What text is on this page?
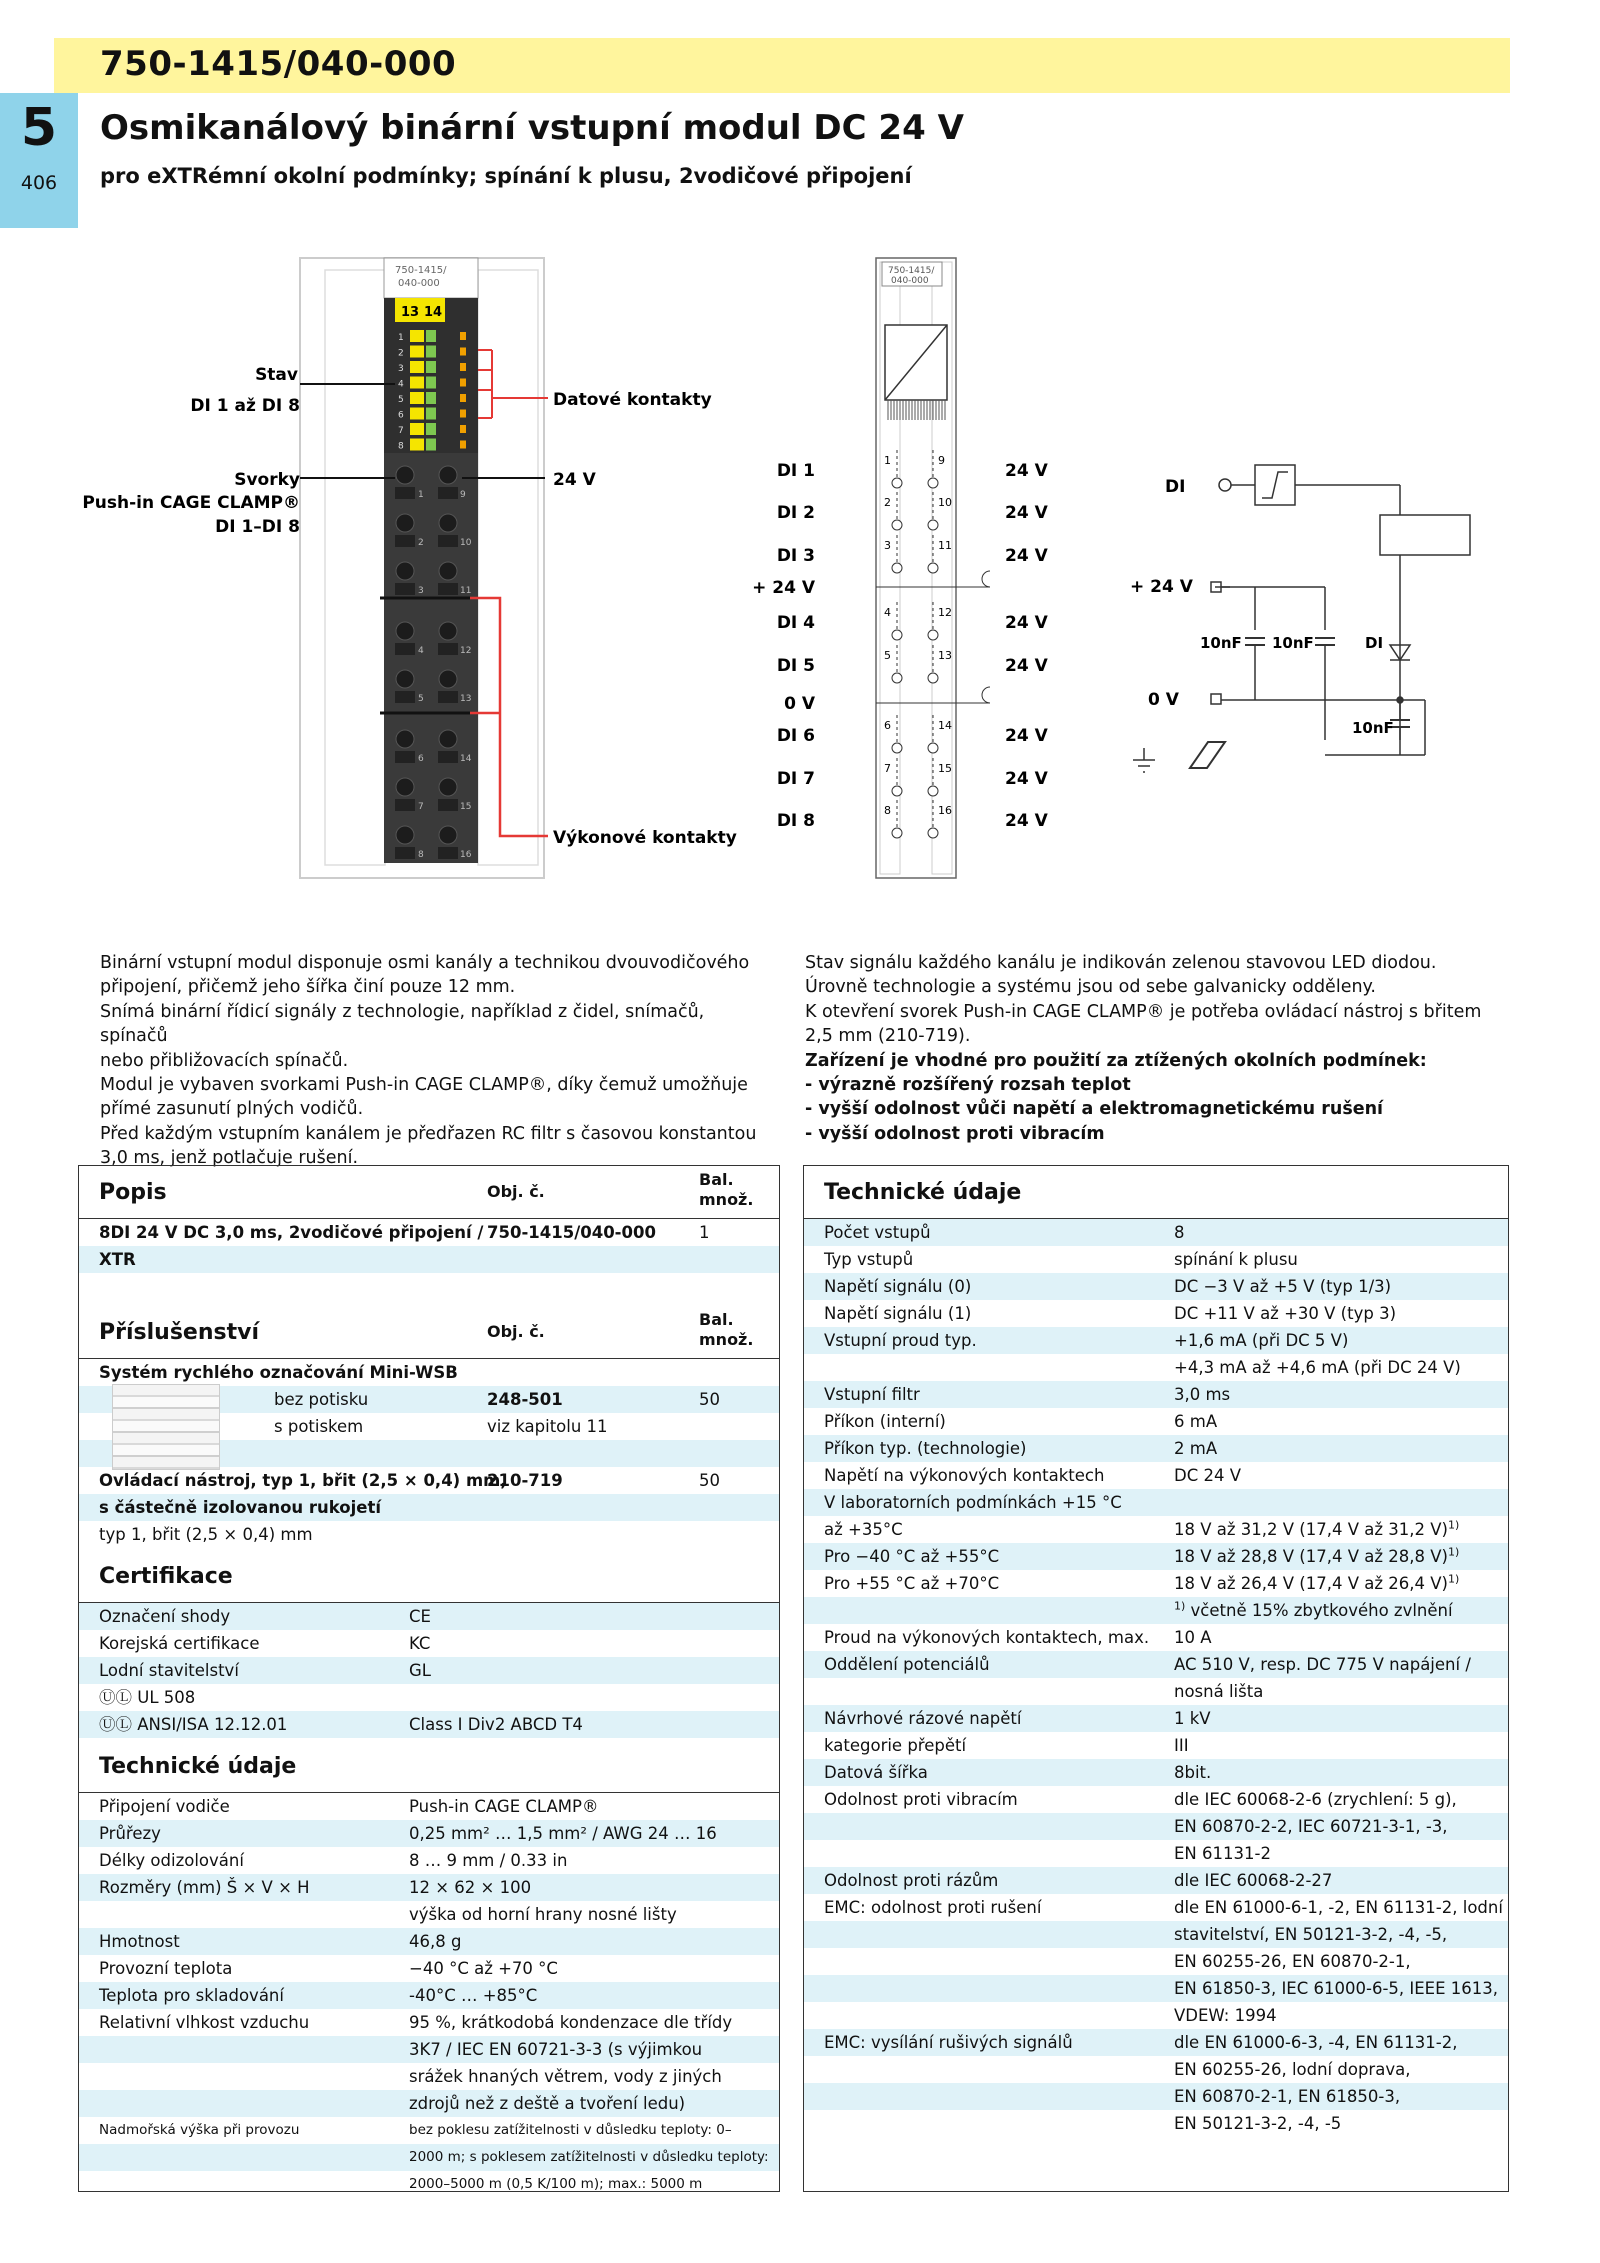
750-1415/040-000
5
406
Osmikanálový binární vstupní modul DC 24 V
pro eXTRémní okolní podmínky; spínání k plusu, 2vodičové připojení
750-1415/
040-000
13 14
1
2
3
4
5
6
7
8
1	9
2	10
3	11
4	12
5	13
6	14
7	15
8	16
Stav
DI 1 až DI 8	Datové kontakty
Svorky
Push-in CAGE CLAMP®
DI 1–DI 8
24 V
Výkonové kontakty
750-1415/
040-000
DI 1
DI 2
DI 3
+ 24 V
DI 4
DI 5
0 V
DI 6
DI 7
DI 8
24 V
1	9
24 V
2	10
24 V
3	11
24 V
4	12
24 V
5	13
24 V
6	14
24 V
7	15
24 V
8	16
DI
+ 24 V
0 V
10nF 10nF
10nF
DI
Binární vstupní modul disponuje osmi kanály a technikou dvouvodičového
připojení, přičemž jeho šířka činí pouze 12 mm.
Snímá binární řídicí signály z technologie, například z čidel, snímačů, spínačů
nebo přibližovacích spínačů.
Modul je vybaven svorkami Push-in CAGE CLAMP®, díky čemuž umožňuje
přímé zasunutí plných vodičů.
Před každým vstupním kanálem je předřazen RC filtr s časovou konstantou
3,0 ms, jenž potlačuje rušení.
Stav signálu každého kanálu je indikován zelenou stavovou LED diodou.
Úrovně technologie a systému jsou od sebe galvanicky odděleny.
K otevření svorek Push-in CAGE CLAMP® je potřeba ovládací nástroj s břitem
2,5 mm (210-719).
Zařízení je vhodné pro použití za ztížených okolních podmínek:
- výrazně rozšířený rozsah teplot
- vyšší odolnost vůči napětí a elektromagnetickému rušení
- vyšší odolnost proti vibracím
Popis	Obj. č.
Bal.
množ.
8DI 24 V DC 3,0 ms, 2vodičové připojení / 750-1415/040-000	1
XTR
Příslušenství	Obj. č.
Bal.
množ.
Systém rychlého označování Mini-WSB
bez potisku	248-501	50
s potiskem	viz kapitolu 11
Ovládací nástroj, typ 1, břit (2,5 × 0,4) mm,
210-719	50
s částečně izolovanou rukojetí
typ 1, břit (2,5 × 0,4) mm
Certifikace
Označení shody	CE
Korejská certifikace	KC
Lodní stavitelství	GL
ⓊⓁ UL 508
ⓊⓁ ANSI/ISA 12.12.01	Class I Div2 ABCD T4
Technické údaje
Připojení vodiče	Push-in CAGE CLAMP®
Průřezy	0,25 mm² … 1,5 mm² / AWG 24 … 16
Délky odizolování	8 … 9 mm / 0.33 in
Rozměry (mm) Š × V × H	12 × 62 × 100
výška od horní hrany nosné lišty
Hmotnost	46,8 g
Provozní teplota	−40 °C až +70 °C
Teplota pro skladování	-40°C … +85°C
Relativní vlhkost vzduchu	95 %, krátkodobá kondenzace dle třídy
3K7 / IEC EN 60721-3-3 (s výjimkou
srážek hnaných větrem, vody z jiných
zdrojů než z deště a tvoření ledu)
Nadmořská výška při provozu	bez poklesu zatížitelnosti v důsledku teploty: 0–
2000 m; s poklesem zatížitelnosti v důsledku teploty:
2000–5000 m (0,5 K/100 m); max.: 5000 m
Technické údaje
Počet vstupů	8
Typ vstupů	spínání k plusu
Napětí signálu (0)	DC −3 V až +5 V (typ 1/3)
Napětí signálu (1)	DC +11 V až +30 V (typ 3)
Vstupní proud typ.	+1,6 mA (při DC 5 V)
+4,3 mA až +4,6 mA (při DC 24 V)
Vstupní filtr	3,0 ms
Příkon (interní)	6 mA
Příkon typ. (technologie)	2 mA
Napětí na výkonových kontaktech	DC 24 V
V laboratorních podmínkách +15 °C
až +35°C	18 V až 31,2 V (17,4 V až 31,2 V)$^{1)}$
Pro −40 °C až +55°C	18 V až 28,8 V (17,4 V až 28,8 V)$^{1)}$
Pro +55 °C až +70°C	18 V až 26,4 V (17,4 V až 26,4 V)$^{1)}$
$^{1)}$ včetně 15% zbytkového zvlnění
Proud na výkonových kontaktech, max. 10 A
Oddělení potenciálů	AC 510 V, resp. DC 775 V napájení /
nosná lišta
Návrhové rázové napětí	1 kV
kategorie přepětí	III
Datová šířka	8bit.
Odolnost proti vibracím	dle IEC 60068-2-6 (zrychlení: 5 g),
EN 60870-2-2, IEC 60721-3-1, -3,
EN 61131-2
Odolnost proti rázům	dle IEC 60068-2-27
EMC: odolnost proti rušení	dle EN 61000-6-1, -2, EN 61131-2, lodní
stavitelství, EN 50121-3-2, -4, -5,
EN 60255-26, EN 60870-2-1,
EN 61850-3, IEC 61000-6-5, IEEE 1613,
VDEW: 1994
EMC: vysílání rušivých signálů	dle EN 61000-6-3, -4, EN 61131-2,
EN 60255-26, lodní doprava,
EN 60870-2-1, EN 61850-3,
EN 50121-3-2, -4, -5
